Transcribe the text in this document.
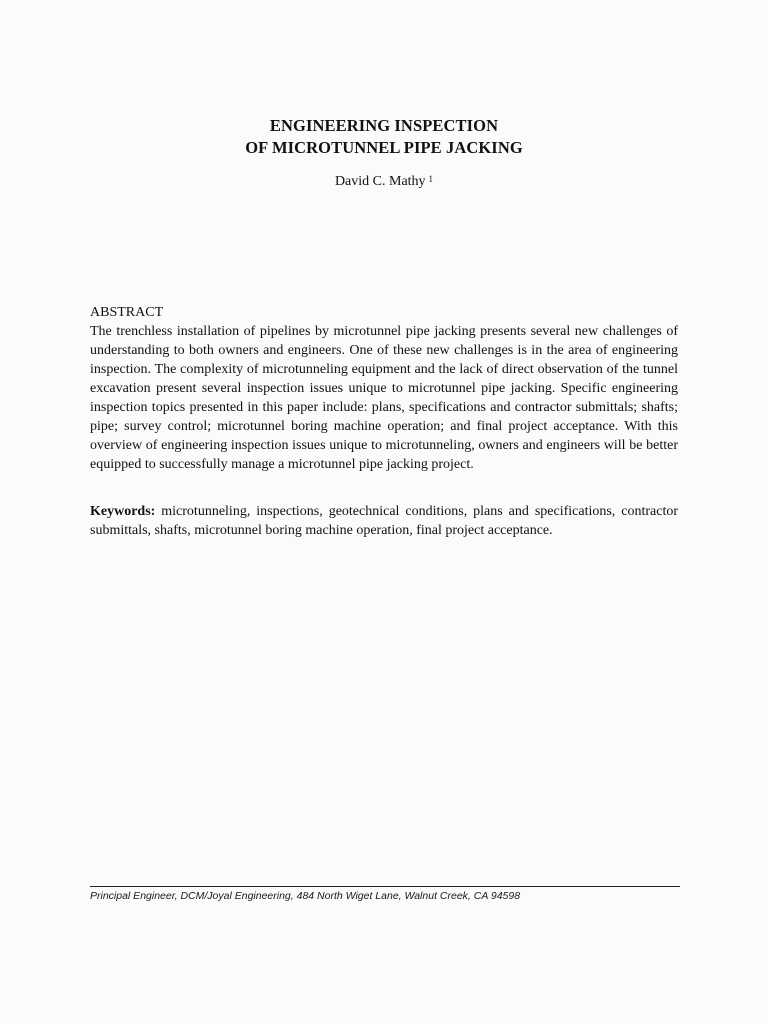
ENGINEERING INSPECTION
OF MICROTUNNEL PIPE JACKING
David C. Mathy $^1$
ABSTRACT

The trenchless installation of pipelines by microtunnel pipe jacking presents several new challenges of understanding to both owners and engineers. One of these new challenges is in the area of engineering inspection. The complexity of microtunneling equipment and the lack of direct observation of the tunnel excavation present several inspection issues unique to microtunnel pipe jacking. Specific engineering inspection topics presented in this paper include: plans, specifications and contractor submittals; shafts; pipe; survey control; microtunnel boring machine operation; and final project acceptance. With this overview of engineering inspection issues unique to microtunneling, owners and engineers will be better equipped to successfully manage a microtunnel pipe jacking project.

Keywords: microtunneling, inspections, geotechnical conditions, plans and specifications, contractor submittals, shafts, microtunnel boring machine operation, final project acceptance.

Principal Engineer, DCM/Joyal Engineering, 484 North Wiget Lane, Walnut Creek, CA 94598
